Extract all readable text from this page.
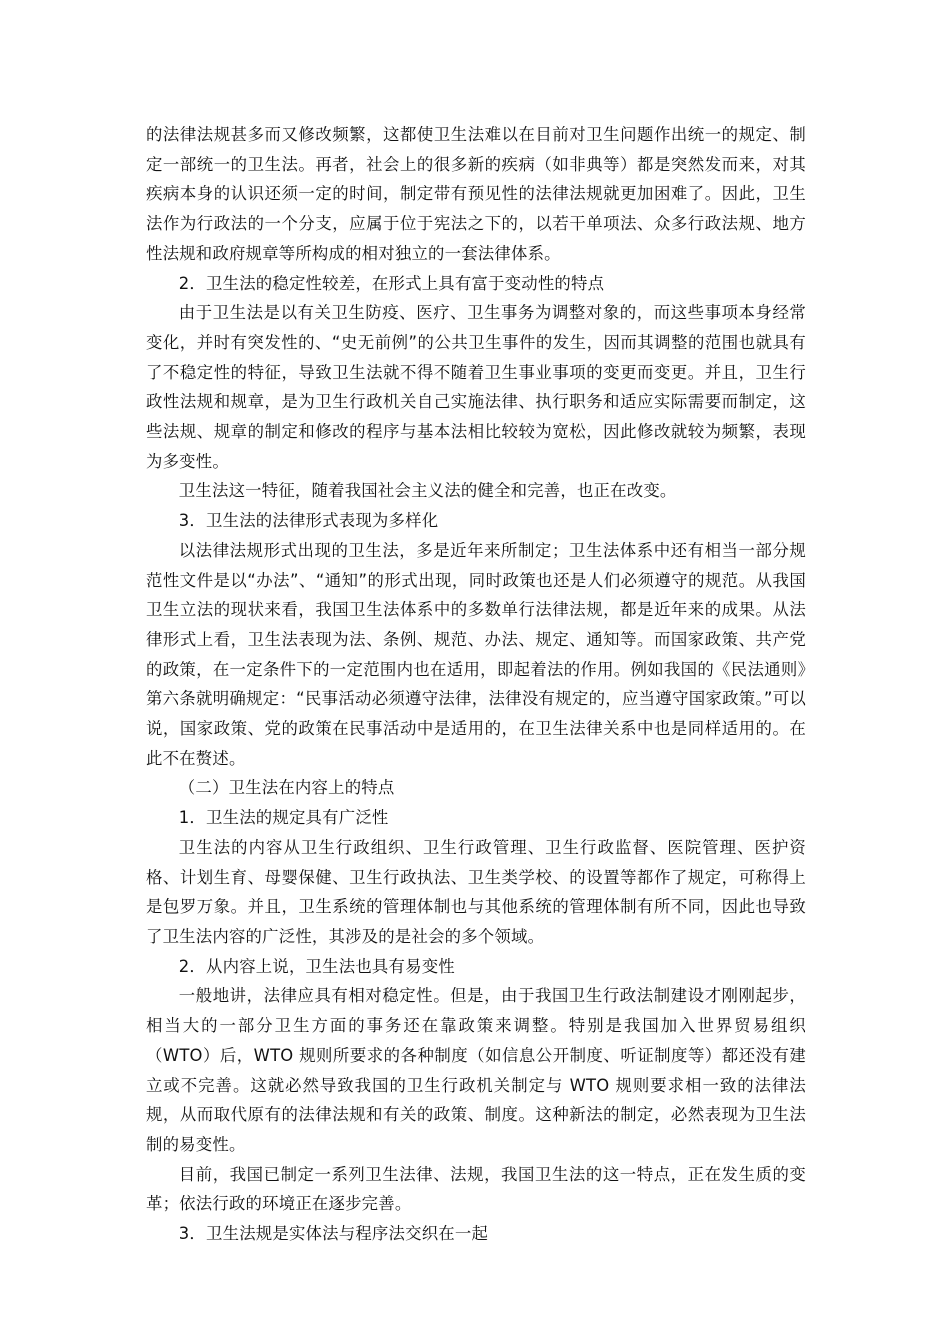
的法律法规甚多而又修改频繁，这都使卫生法难以在目前对卫生问题作出统一的规定、制定一部统一的卫生法。再者，社会上的很多新的疾病（如非典等）都是突然发而来，对其疾病本身的认识还须一定的时间，制定带有预见性的法律法规就更加困难了。因此，卫生法作为行政法的一个分支，应属于位于宪法之下的，以若干单项法、众多行政法规、地方性法规和政府规章等所构成的相对独立的一套法律体系。

2．卫生法的稳定性较差，在形式上具有富于变动性的特点

由于卫生法是以有关卫生防疫、医疗、卫生事务为调整对象的，而这些事项本身经常变化，并时有突发性的、“史无前例”的公共卫生事件的发生，因而其调整的范围也就具有了不稳定性的特征，导致卫生法就不得不随着卫生事业事项的变更而变更。并且，卫生行政性法规和规章，是为卫生行政机关自己实施法律、执行职务和适应实际需要而制定，这些法规、规章的制定和修改的程序与基本法相比较较为宽松，因此修改就较为频繁，表现为多变性。

卫生法这一特征，随着我国社会主义法的健全和完善，也正在改变。

3．卫生法的法律形式表现为多样化

以法律法规形式出现的卫生法，多是近年来所制定；卫生法体系中还有相当一部分规范性文件是以“办法”、“通知”的形式出现，同时政策也还是人们必须遵守的规范。从我国卫生立法的现状来看，我国卫生法体系中的多数单行法律法规，都是近年来的成果。从法律形式上看，卫生法表现为法、条例、规范、办法、规定、通知等。而国家政策、共产党的政策，在一定条件下的一定范围内也在适用，即起着法的作用。例如我国的《民法通则》第六条就明确规定：“民事活动必须遵守法律，法律没有规定的，应当遵守国家政策。”可以说，国家政策、党的政策在民事活动中是适用的，在卫生法律关系中也是同样适用的。在此不在赘述。

（二）卫生法在内容上的特点

1．卫生法的规定具有广泛性

卫生法的内容从卫生行政组织、卫生行政管理、卫生行政监督、医院管理、医护资格、计划生育、母婴保健、卫生行政执法、卫生类学校、的设置等都作了规定，可称得上是包罗万象。并且，卫生系统的管理体制也与其他系统的管理体制有所不同，因此也导致了卫生法内容的广泛性，其涉及的是社会的多个领域。

2．从内容上说，卫生法也具有易变性

一般地讲，法律应具有相对稳定性。但是，由于我国卫生行政法制建设才刚刚起步，相当大的一部分卫生方面的事务还在靠政策来调整。特别是我国加入世界贸易组织（WTO）后，WTO 规则所要求的各种制度（如信息公开制度、听证制度等）都还没有建立或不完善。这就必然导致我国的卫生行政机关制定与 WTO 规则要求相一致的法律法规，从而取代原有的法律法规和有关的政策、制度。这种新法的制定，必然表现为卫生法制的易变性。

目前，我国已制定一系列卫生法律、法规，我国卫生法的这一特点，正在发生质的变革；依法行政的环境正在逐步完善。

3．卫生法规是实体法与程序法交织在一起
